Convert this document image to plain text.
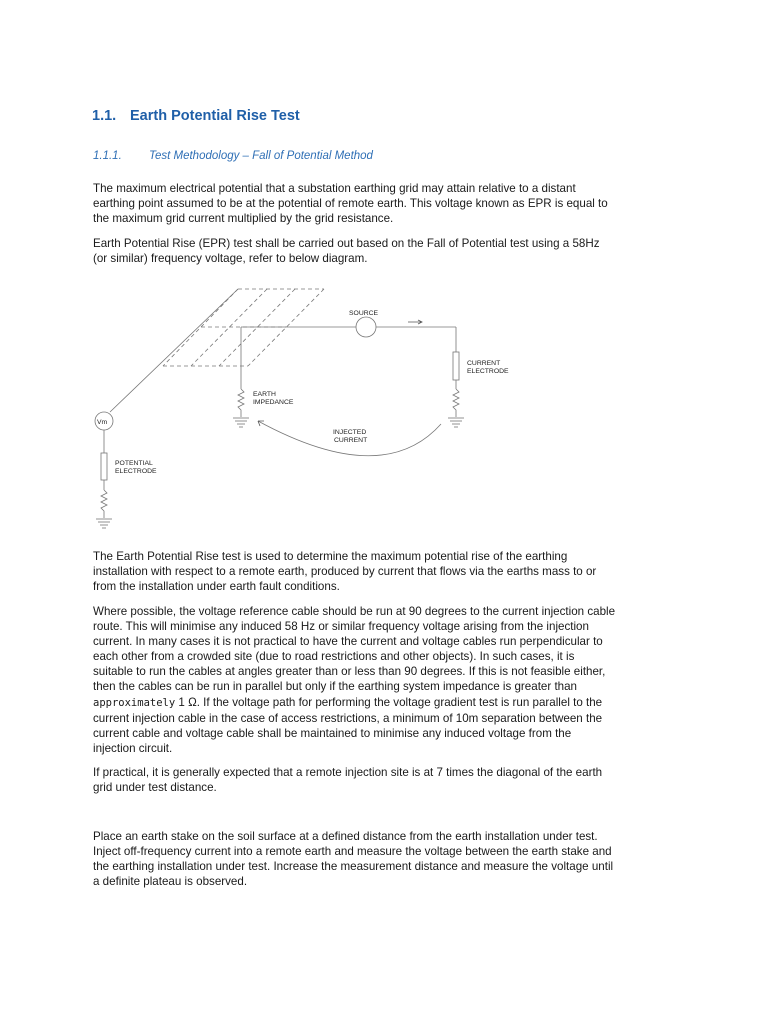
1.1. Earth Potential Rise Test
1.1.1. Test Methodology – Fall of Potential Method

The maximum electrical potential that a substation earthing grid may attain relative to a distant
earthing point assumed to be at the potential of remote earth. This voltage known as EPR is equal to
the maximum grid current multiplied by the grid resistance.

Earth Potential Rise (EPR) test shall be carried out based on the Fall of Potential test using a 58Hz
(or similar) frequency voltage, refer to below diagram.

SOURCE
CURRENT
ELECTRODE
EARTH
IMPEDANCE
INJECTED
CURRENT
Vm
POTENTIAL
ELECTRODE

The Earth Potential Rise test is used to determine the maximum potential rise of the earthing
installation with respect to a remote earth, produced by current that flows via the earths mass to or
from the installation under earth fault conditions.

Where possible, the voltage reference cable should be run at 90 degrees to the current injection cable
route. This will minimise any induced 58 Hz or similar frequency voltage arising from the injection
current. In many cases it is not practical to have the current and voltage cables run perpendicular to
each other from a crowded site (due to road restrictions and other objects). In such cases, it is
suitable to run the cables at angles greater than or less than 90 degrees. If this is not feasible either,
then the cables can be run in parallel but only if the earthing system impedance is greater than
approximately 1 Ω. If the voltage path for performing the voltage gradient test is run parallel to the
current injection cable in the case of access restrictions, a minimum of 10m separation between the
current cable and voltage cable shall be maintained to minimise any induced voltage from the
injection circuit.

If practical, it is generally expected that a remote injection site is at 7 times the diagonal of the earth
grid under test distance.

Place an earth stake on the soil surface at a defined distance from the earth installation under test.
Inject off-frequency current into a remote earth and measure the voltage between the earth stake and
the earthing installation under test. Increase the measurement distance and measure the voltage until
a definite plateau is observed.
